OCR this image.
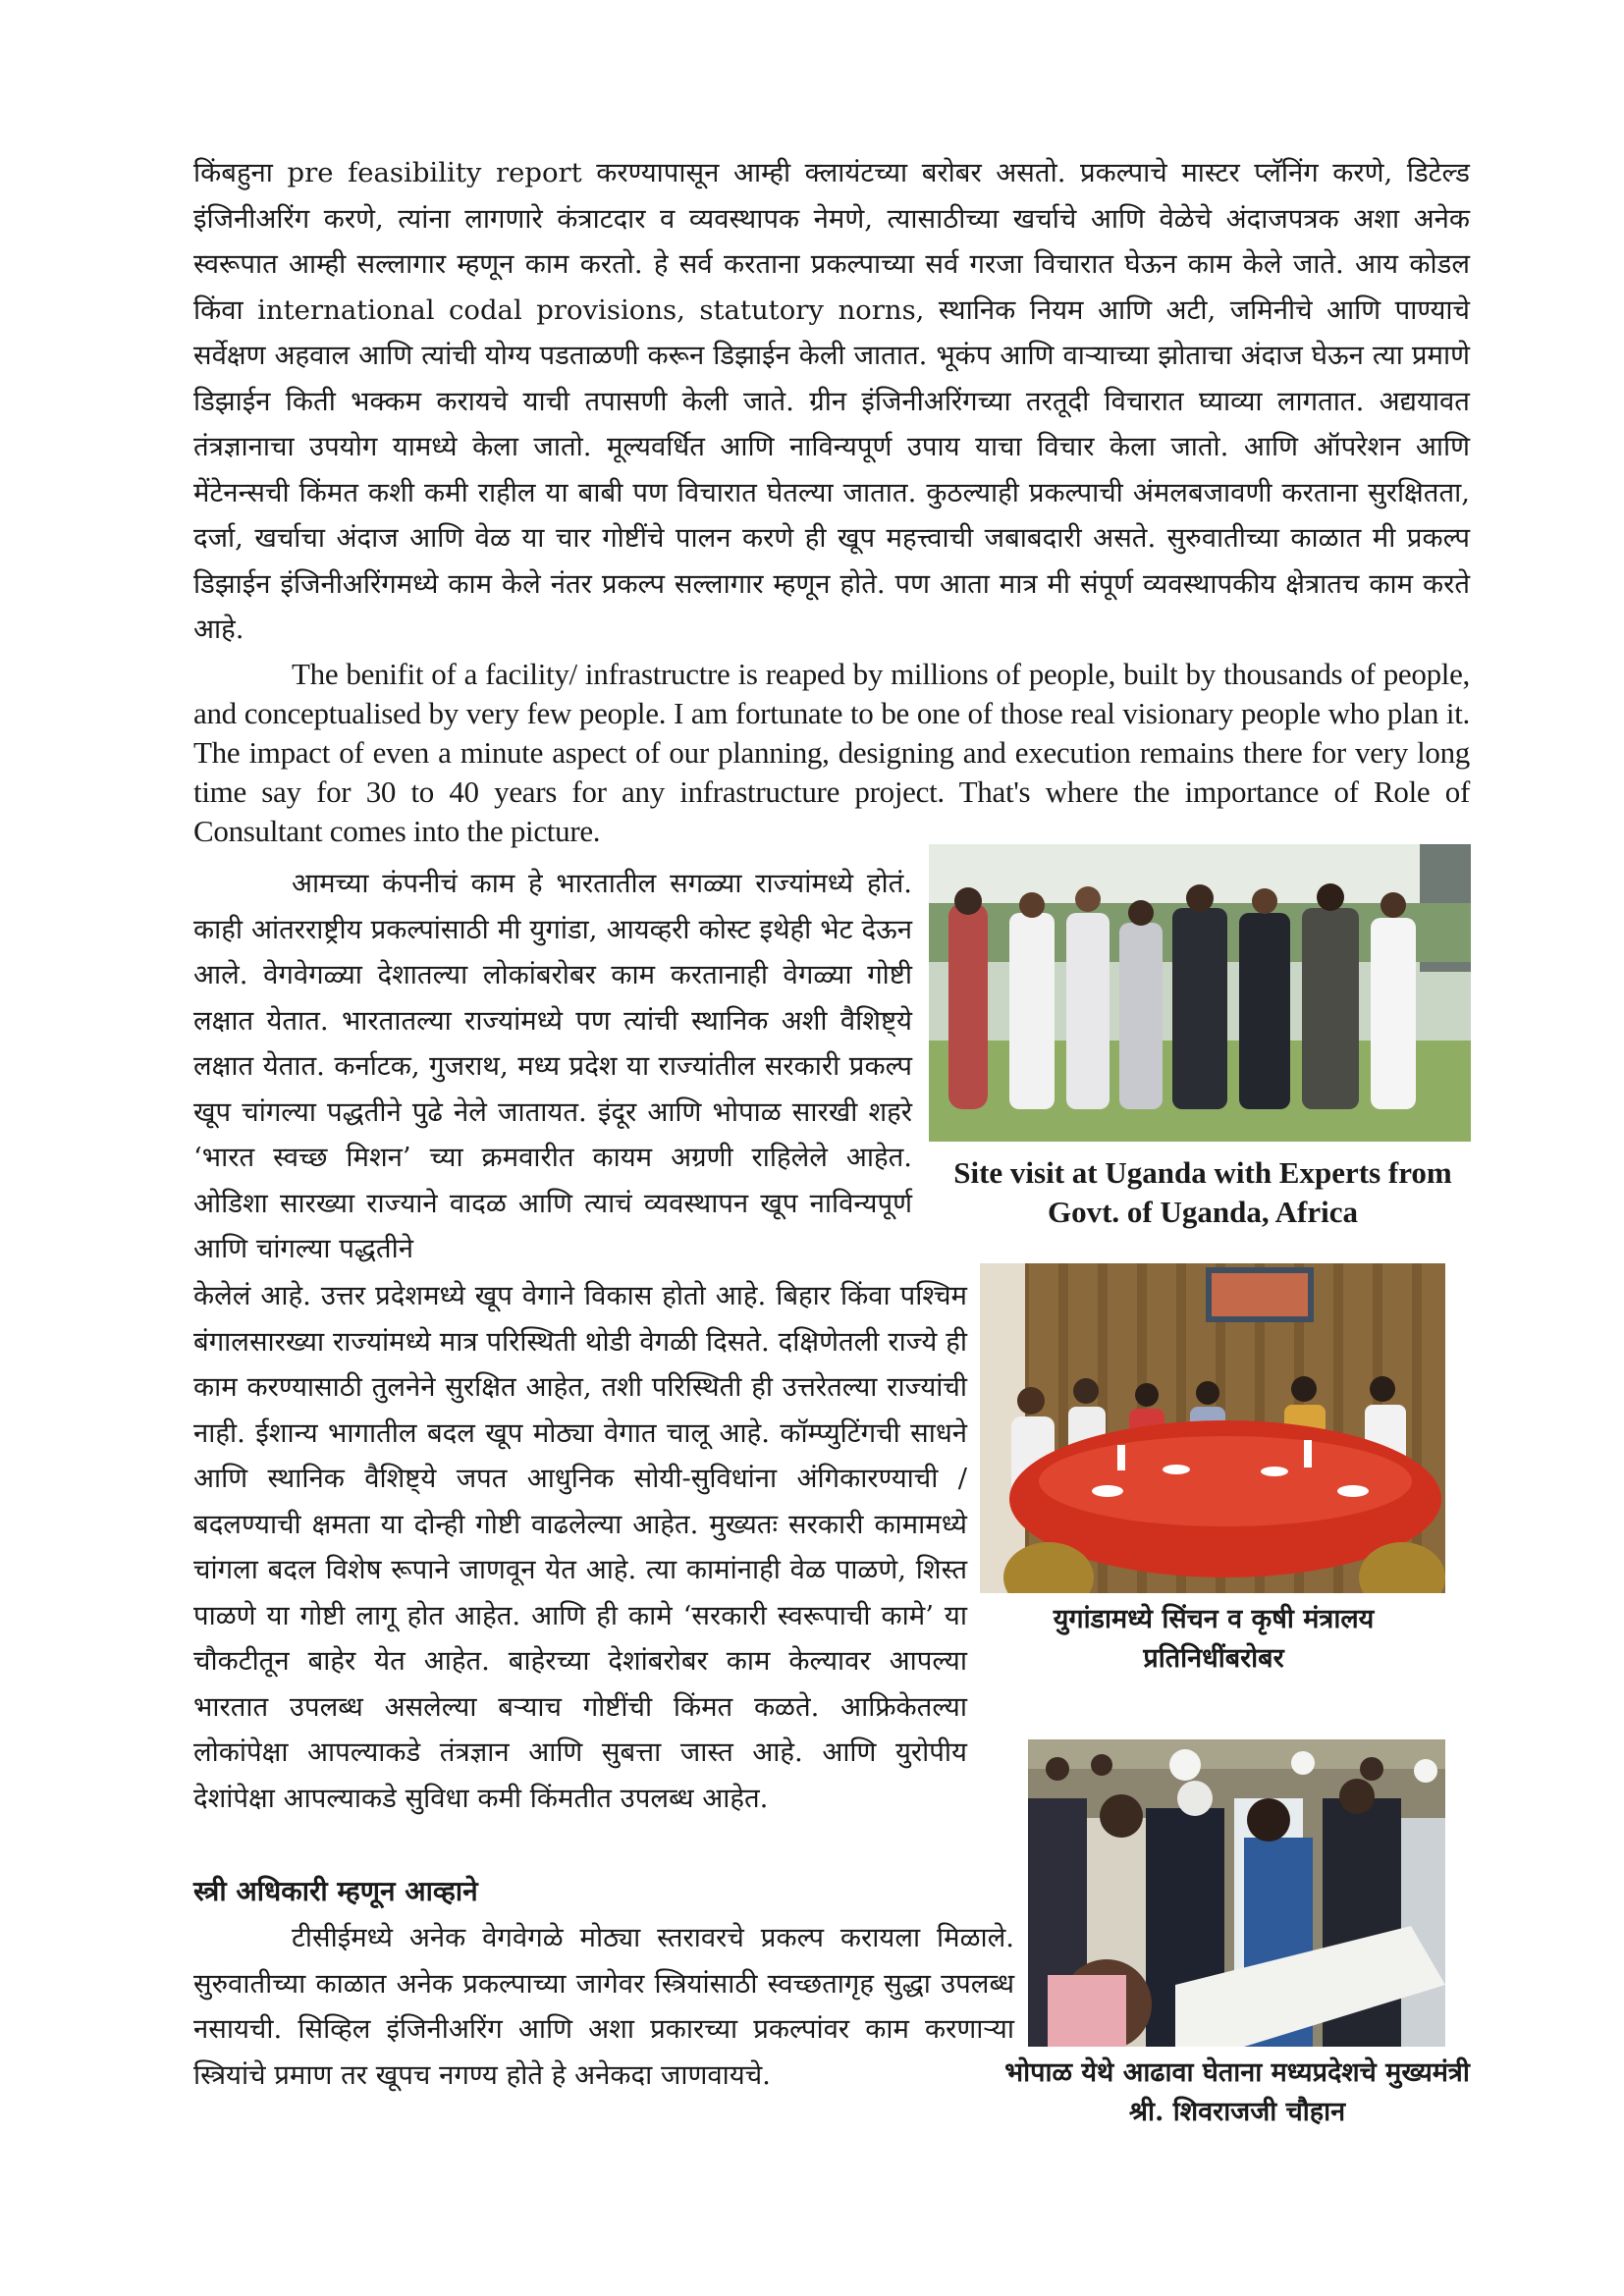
किंबहुना pre feasibility report करण्यापासून आम्ही क्लायंटच्या बरोबर असतो. प्रकल्पाचे मास्टर प्लॅनिंग करणे, डिटेल्ड इंजिनीअरिंग करणे, त्यांना लागणारे कंत्राटदार व व्यवस्थापक नेमणे, त्यासाठीच्या खर्चाचे आणि वेळेचे अंदाजपत्रक अशा अनेक स्वरूपात आम्ही सल्लागार म्हणून काम करतो. हे सर्व करताना प्रकल्पाच्या सर्व गरजा विचारात घेऊन काम केले जाते. आय कोडल किंवा international codal provisions, statutory norns, स्थानिक नियम आणि अटी, जमिनीचे आणि पाण्याचे सर्वेक्षण अहवाल आणि त्यांची योग्य पडताळणी करून डिझाईन केली जातात. भूकंप आणि वाऱ्याच्या झोताचा अंदाज घेऊन त्या प्रमाणे डिझाईन किती भक्कम करायचे याची तपासणी केली जाते. ग्रीन इंजिनीअरिंगच्या तरतूदी विचारात घ्याव्या लागतात. अद्ययावत तंत्रज्ञानाचा उपयोग यामध्ये केला जातो. मूल्यवर्धित आणि नाविन्यपूर्ण उपाय याचा विचार केला जातो. आणि ऑपरेशन आणि मेंटेनन्सची किंमत कशी कमी राहील या बाबी पण विचारात घेतल्या जातात. कुठल्याही प्रकल्पाची अंमलबजावणी करताना सुरक्षितता, दर्जा, खर्चाचा अंदाज आणि वेळ या चार गोष्टींचे पालन करणे ही खूप महत्त्वाची जबाबदारी असते. सुरुवातीच्या काळात मी प्रकल्प डिझाईन इंजिनीअरिंगमध्ये काम केले नंतर प्रकल्प सल्लागार म्हणून होते. पण आता मात्र मी संपूर्ण व्यवस्थापकीय क्षेत्रातच काम करते आहे.

The benifit of a facility/ infrastructre is reaped by millions of people, built by thousands of people, and conceptualised by very few people. I am fortunate to be one of those real visionary people who plan it. The impact of even a minute aspect of our planning, designing and execution remains there for very long time say for 30 to 40 years for any infrastructure project. That's where the importance of Role of Consultant comes into the picture.

आमच्या कंपनीचं काम हे भारतातील सगळ्या राज्यांमध्ये होतं. काही आंतरराष्ट्रीय प्रकल्पांसाठी मी युगांडा, आयव्हरी कोस्ट इथेही भेट देऊन आले. वेगवेगळ्या देशातल्या लोकांबरोबर काम करतानाही वेगळ्या गोष्टी लक्षात येतात. भारतातल्या राज्यांमध्ये पण त्यांची स्थानिक अशी वैशिष्ट्ये लक्षात येतात. कर्नाटक, गुजराथ, मध्य प्रदेश या राज्यांतील सरकारी प्रकल्प खूप चांगल्या पद्धतीने पुढे नेले जातायत. इंदूर आणि भोपाळ सारखी शहरे ‘भारत स्वच्छ मिशन’ च्या क्रमवारीत कायम अग्रणी राहिलेले आहेत. ओडिशा सारख्या राज्याने वादळ आणि त्याचं व्यवस्थापन खूप नाविन्यपूर्ण आणि चांगल्या पद्धतीने

केलेलं आहे. उत्तर प्रदेशमध्ये खूप वेगाने विकास होतो आहे. बिहार किंवा पश्चिम बंगालसारख्या राज्यांमध्ये मात्र परिस्थिती थोडी वेगळी दिसते. दक्षिणेतली राज्ये ही काम करण्यासाठी तुलनेने सुरक्षित आहेत, तशी परिस्थिती ही उत्तरेतल्या राज्यांची नाही. ईशान्य भागातील बदल खूप मोठ्या वेगात चालू आहे. कॉम्प्युटिंगची साधने आणि स्थानिक वैशिष्ट्ये जपत आधुनिक सोयी-सुविधांना अंगिकारण्याची / बदलण्याची क्षमता या दोन्ही गोष्टी वाढलेल्या आहेत. मुख्यतः सरकारी कामामध्ये चांगला बदल विशेष रूपाने जाणवून येत आहे. त्या कामांनाही वेळ पाळणे, शिस्त पाळणे या गोष्टी लागू होत आहेत. आणि ही कामे ‘सरकारी स्वरूपाची कामे’ या चौकटीतून बाहेर येत आहेत. बाहेरच्या देशांबरोबर काम केल्यावर आपल्या भारतात उपलब्ध असलेल्या बऱ्याच गोष्टींची किंमत कळते. आफ्रिकेतल्या लोकांपेक्षा आपल्याकडे तंत्रज्ञान आणि सुबत्ता जास्त आहे. आणि युरोपीय देशांपेक्षा आपल्याकडे सुविधा कमी किंमतीत उपलब्ध आहेत.

स्त्री अधिकारी म्हणून आव्हाने

टीसीईमध्ये अनेक वेगवेगळे मोठ्या स्तरावरचे प्रकल्प करायला मिळाले. सुरुवातीच्या काळात अनेक प्रकल्पाच्या जागेवर स्त्रियांसाठी स्वच्छतागृह सुद्धा उपलब्ध नसायची. सिव्हिल इंजिनीअरिंग आणि अशा प्रकारच्या प्रकल्पांवर काम करणाऱ्या स्त्रियांचे प्रमाण तर खूपच नगण्य होते हे अनेकदा जाणवायचे.

Site visit at Uganda with Experts from Govt. of Uganda, Africa

युगांडामध्ये सिंचन व कृषी मंत्रालय प्रतिनिधींबरोबर

भोपाळ येथे आढावा घेताना मध्यप्रदेशचे मुख्यमंत्री श्री. शिवराजजी चौहान
